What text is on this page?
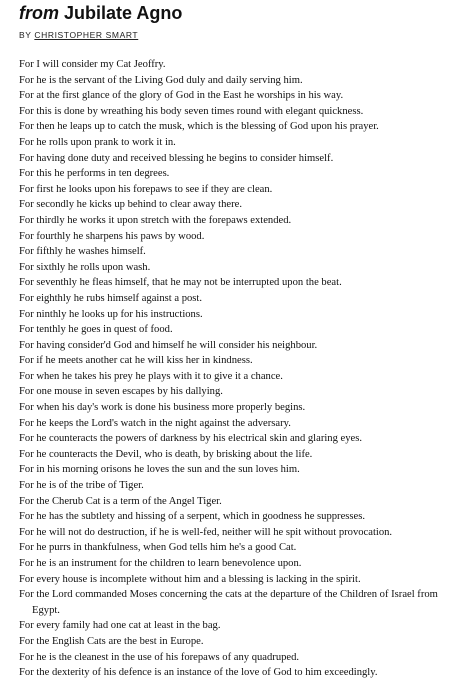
from Jubilate Agno
BY CHRISTOPHER SMART
For I will consider my Cat Jeoffry.
For he is the servant of the Living God duly and daily serving him.
For at the first glance of the glory of God in the East he worships in his way.
For this is done by wreathing his body seven times round with elegant quickness.
For then he leaps up to catch the musk, which is the blessing of God upon his prayer.
For he rolls upon prank to work it in.
For having done duty and received blessing he begins to consider himself.
For this he performs in ten degrees.
For first he looks upon his forepaws to see if they are clean.
For secondly he kicks up behind to clear away there.
For thirdly he works it upon stretch with the forepaws extended.
For fourthly he sharpens his paws by wood.
For fifthly he washes himself.
For sixthly he rolls upon wash.
For seventhly he fleas himself, that he may not be interrupted upon the beat.
For eighthly he rubs himself against a post.
For ninthly he looks up for his instructions.
For tenthly he goes in quest of food.
For having consider'd God and himself he will consider his neighbour.
For if he meets another cat he will kiss her in kindness.
For when he takes his prey he plays with it to give it a chance.
For one mouse in seven escapes by his dallying.
For when his day's work is done his business more properly begins.
For he keeps the Lord's watch in the night against the adversary.
For he counteracts the powers of darkness by his electrical skin and glaring eyes.
For he counteracts the Devil, who is death, by brisking about the life.
For in his morning orisons he loves the sun and the sun loves him.
For he is of the tribe of Tiger.
For the Cherub Cat is a term of the Angel Tiger.
For he has the subtlety and hissing of a serpent, which in goodness he suppresses.
For he will not do destruction, if he is well-fed, neither will he spit without provocation.
For he purrs in thankfulness, when God tells him he's a good Cat.
For he is an instrument for the children to learn benevolence upon.
For every house is incomplete without him and a blessing is lacking in the spirit.
For the Lord commanded Moses concerning the cats at the departure of the Children of Israel from Egypt.
For every family had one cat at least in the bag.
For the English Cats are the best in Europe.
For he is the cleanest in the use of his forepaws of any quadruped.
For the dexterity of his defence is an instance of the love of God to him exceedingly.
